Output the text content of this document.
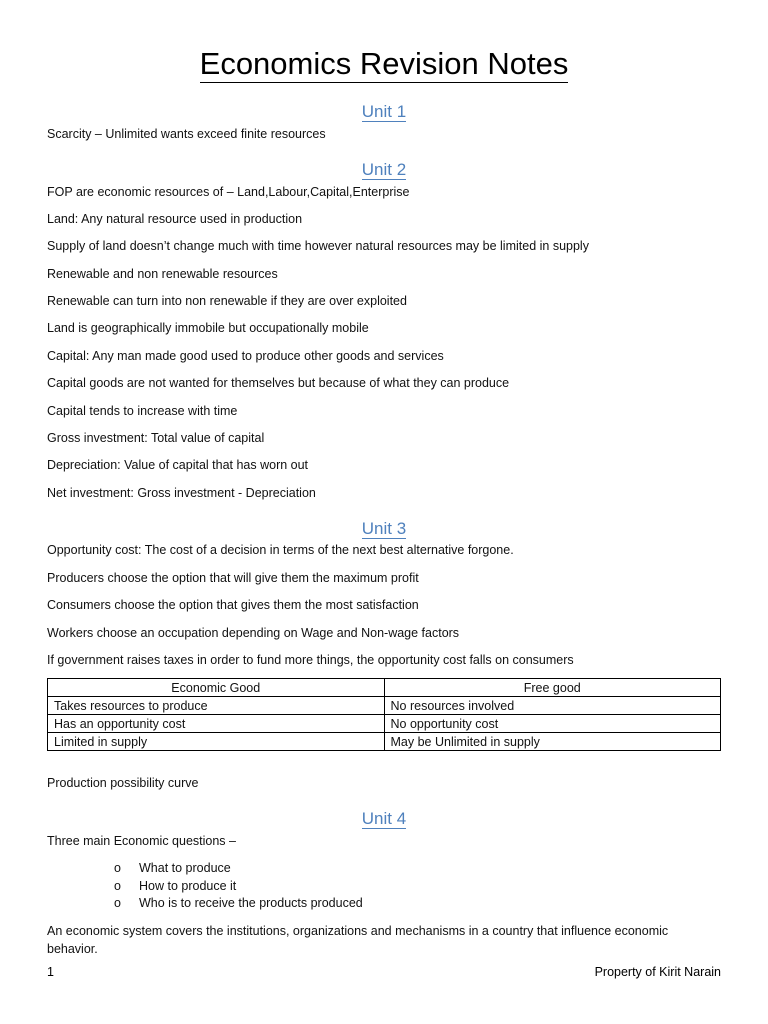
Economics Revision Notes
Unit 1
Scarcity – Unlimited wants exceed finite resources
Unit 2
FOP are economic resources of – Land,Labour,Capital,Enterprise
Land: Any natural resource used in production
Supply of land doesn’t change much with time however natural resources may be limited in supply
Renewable and non renewable resources
Renewable can turn into non renewable if they are over exploited
Land is geographically immobile but occupationally mobile
Capital: Any man made good used to produce other goods and services
Capital goods are not wanted for themselves but because of what they can produce
Capital tends to increase with time
Gross investment: Total value of capital
Depreciation: Value of capital that has worn out
Net investment: Gross investment - Depreciation
Unit 3
Opportunity cost: The cost of a decision in terms of the next best alternative forgone.
Producers choose the option that will give them the maximum profit
Consumers choose the option that gives them the most satisfaction
Workers choose an occupation depending on Wage and Non-wage factors
If government raises taxes in order to fund more things, the opportunity cost falls on consumers
Economic Good	Free good
Takes resources to produce	No resources involved
Has an opportunity cost	No opportunity cost
Limited in supply	May be Unlimited in supply
Production possibility curve
Unit 4
Three main Economic questions –
o What to produce
o How to produce it
o Who is to receive the products produced
An economic system covers the institutions, organizations and mechanisms in a country that influence economic behavior.
1	Property of Kirit Narain
